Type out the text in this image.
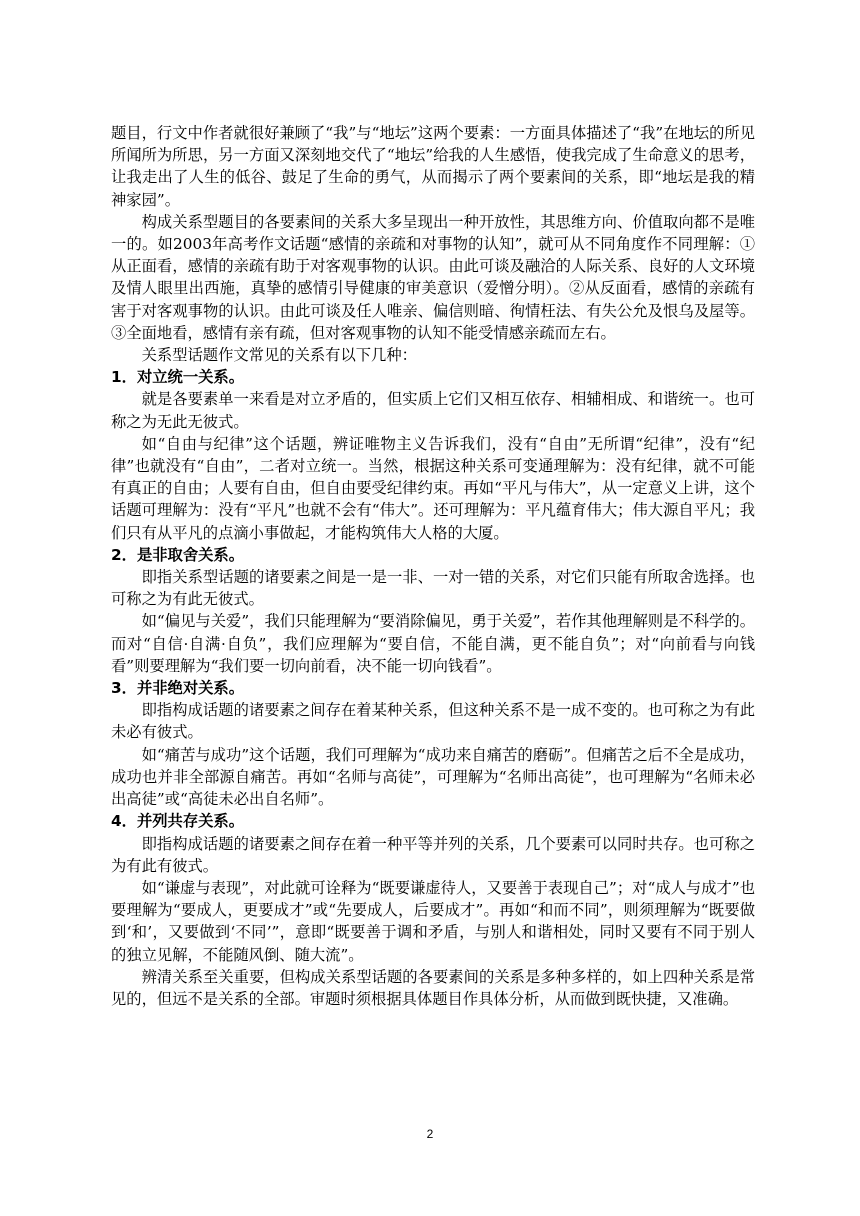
题目，行文中作者就很好兼顾了“我”与“地坛”这两个要素：一方面具体描述了“我”在地坛的所见所闻所为所思，另一方面又深刻地交代了“地坛”给我的人生感悟，使我完成了生命意义的思考，让我走出了人生的低谷、鼓足了生命的勇气，从而揭示了两个要素间的关系，即“地坛是我的精神家园”。

构成关系型题目的各要素间的关系大多呈现出一种开放性，其思维方向、价值取向都不是唯一的。如2003年高考作文话题“感情的亲疏和对事物的认知”，就可从不同角度作不同理解：①从正面看，感情的亲疏有助于对客观事物的认识。由此可谈及融洽的人际关系、良好的人文环境及情人眼里出西施，真挚的感情引导健康的审美意识（爱憎分明）。②从反面看，感情的亲疏有害于对客观事物的认识。由此可谈及任人唯亲、偏信则暗、徇情枉法、有失公允及恨乌及屋等。③全面地看，感情有亲有疏，但对客观事物的认知不能受情感亲疏而左右。

关系型话题作文常见的关系有以下几种：

1．对立统一关系。

就是各要素单一来看是对立矛盾的，但实质上它们又相互依存、相辅相成、和谐统一。也可称之为无此无彼式。

如“自由与纪律”这个话题，辨证唯物主义告诉我们，没有“自由”无所谓“纪律”，没有“纪律”也就没有“自由”，二者对立统一。当然，根据这种关系可变通理解为：没有纪律，就不可能有真正的自由；人要有自由，但自由要受纪律约束。再如“平凡与伟大”，从一定意义上讲，这个话题可理解为：没有“平凡”也就不会有“伟大”。还可理解为：平凡蕴育伟大；伟大源自平凡；我们只有从平凡的点滴小事做起，才能构筑伟大人格的大厦。

2．是非取舍关系。

即指关系型话题的诸要素之间是一是一非、一对一错的关系，对它们只能有所取舍选择。也可称之为有此无彼式。

如“偏见与关爱”，我们只能理解为“要消除偏见，勇于关爱”，若作其他理解则是不科学的。而对“自信·自满·自负”，我们应理解为“要自信，不能自满，更不能自负”；对“向前看与向钱看”则要理解为“我们要一切向前看，决不能一切向钱看”。

3．并非绝对关系。

即指构成话题的诸要素之间存在着某种关系，但这种关系不是一成不变的。也可称之为有此未必有彼式。

如“痛苦与成功”这个话题，我们可理解为“成功来自痛苦的磨砺”。但痛苦之后不全是成功，成功也并非全部源自痛苦。再如“名师与高徒”，可理解为“名师出高徒”，也可理解为“名师未必出高徒”或“高徒未必出自名师”。

4．并列共存关系。

即指构成话题的诸要素之间存在着一种平等并列的关系，几个要素可以同时共存。也可称之为有此有彼式。

如“谦虚与表现”，对此就可诠释为“既要谦虚待人，又要善于表现自己”；对“成人与成才”也要理解为“要成人，更要成才”或“先要成人，后要成才”。再如“和而不同”，则须理解为“既要做到‘和’，又要做到‘不同’”，意即“既要善于调和矛盾，与别人和谐相处，同时又要有不同于别人的独立见解，不能随风倒、随大流”。

辨清关系至关重要，但构成关系型话题的各要素间的关系是多种多样的，如上四种关系是常见的，但远不是关系的全部。审题时须根据具体题目作具体分析，从而做到既快捷，又准确。

2
